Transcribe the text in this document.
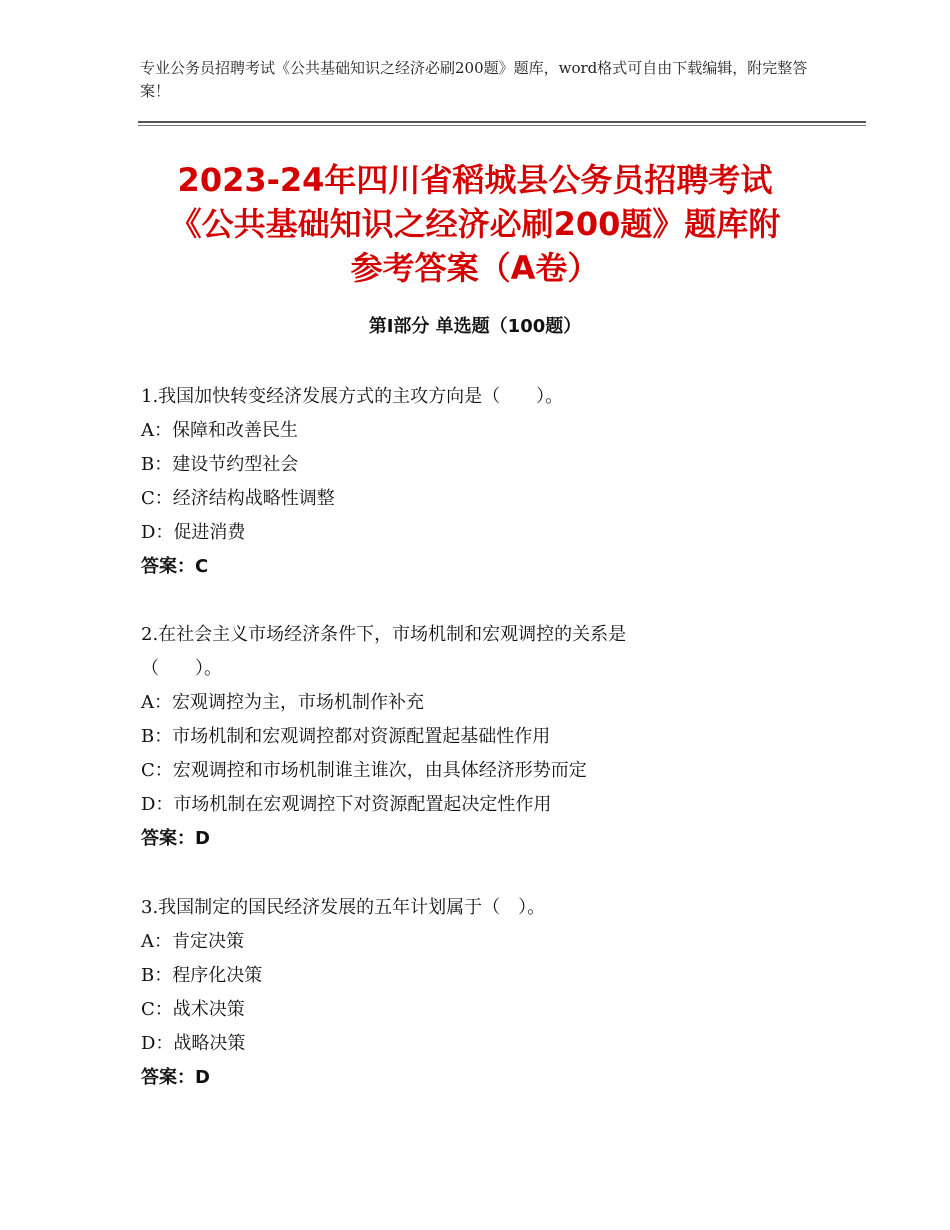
专业公务员招聘考试《公共基础知识之经济必刷200题》题库，word格式可自由下载编辑，附完整答案！
2023-24年四川省稻城县公务员招聘考试
《公共基础知识之经济必刷200题》题库附
参考答案（A卷）
第Ⅰ部分 单选题（100题）

1.我国加快转变经济发展方式的主攻方向是（　　）。

A：保障和改善民生

B：建设节约型社会

C：经济结构战略性调整

D：促进消费

答案：C

2.在社会主义市场经济条件下，市场机制和宏观调控的关系是

（　　）。

A：宏观调控为主，市场机制作补充

B：市场机制和宏观调控都对资源配置起基础性作用

C：宏观调控和市场机制谁主谁次，由具体经济形势而定

D：市场机制在宏观调控下对资源配置起决定性作用

答案：D

3.我国制定的国民经济发展的五年计划属于（　）。

A：肯定决策

B：程序化决策

C：战术决策

D：战略决策

答案：D
